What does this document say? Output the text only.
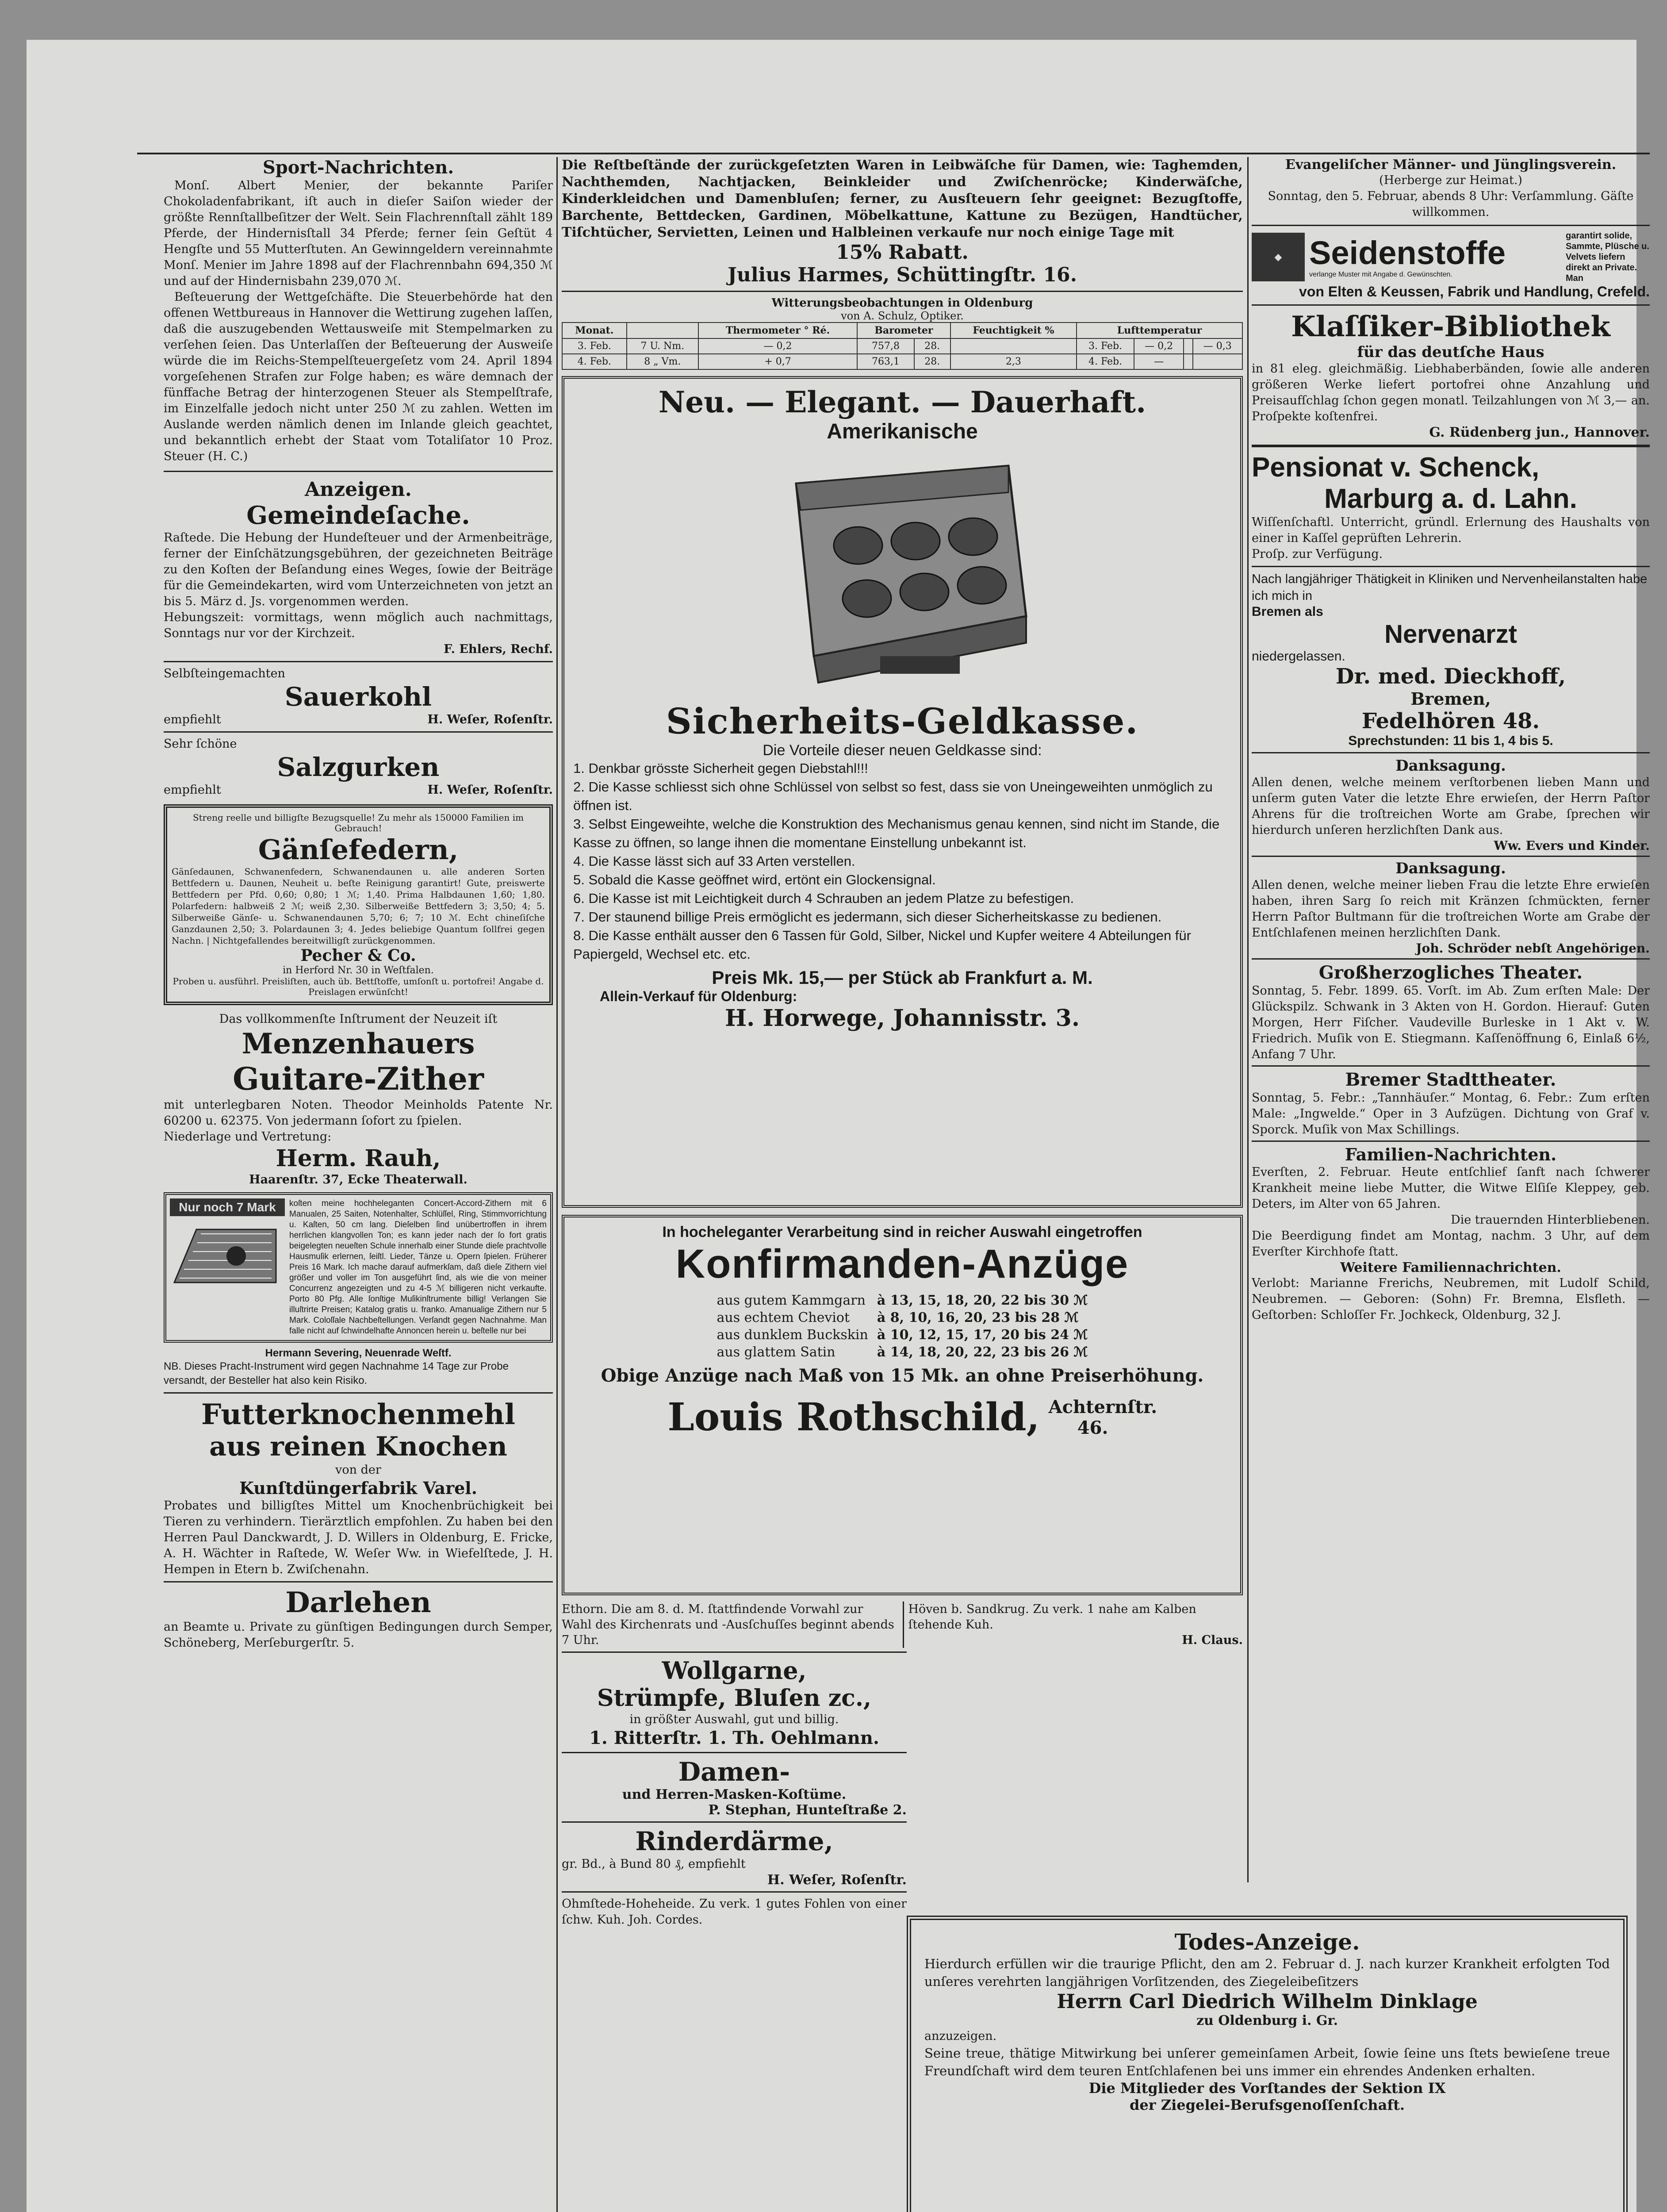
Sport-Nachrichten.
Monſ. Albert Menier, der bekannte Pariſer Chokoladenfabrikant, iſt auch in dieſer Saiſon wieder der größte Rennſtallbeſitzer der Welt. Sein Flachrennſtall zählt 189 Pferde, der Hindernisſtall 34 Pferde; ferner ſein Geſtüt 4 Hengſte und 55 Mutterſtuten. An Gewinngeldern vereinnahmte Monſ. Menier im Jahre 1898 auf der Flachrennbahn 694,350 ℳ und auf der Hindernisbahn 239,070 ℳ.
Beſteuerung der Wettgeſchäfte. Die Steuerbehörde hat den offenen Wettbureaus in Hannover die Wettirung zugehen laſſen, daß die auszugebenden Wettausweiſe mit Stempelmarken zu verſehen ſeien. Das Unterlaſſen der Beſteuerung der Ausweiſe würde die im Reichs-Stempelſteuergeſetz vom 24. April 1894 vorgeſehenen Strafen zur Folge haben; es wäre demnach der fünffache Betrag der hinterzogenen Steuer als Stempelſtrafe, im Einzelfalle jedoch nicht unter 250 ℳ zu zahlen. Wetten im Auslande werden nämlich denen im Inlande gleich geachtet, und bekanntlich erhebt der Staat vom Totaliſator 10 Proz. Steuer (H. C.)
Anzeigen.
Gemeindeſache.
Raſtede. Die Hebung der Hundeſteuer und der Armenbeiträge, ferner der Einſchätzungsgebühren, der gezeichneten Beiträge zu den Koſten der Beſandung eines Weges, ſowie der Beiträge für die Gemeindekarten, wird vom Unterzeichneten von jetzt an bis 5. März d. Js. vorgenommen werden.
Hebungszeit: vormittags, wenn möglich auch nachmittags, Sonntags nur vor der Kirchzeit.
F. Ehlers, Rechf.
Selbſteingemachten
Sauerkohl
empfiehlt	H. Weſer, Roſenſtr.
Sehr ſchöne
Salzgurken
empfiehlt	H. Weſer, Roſenſtr.
Streng reelle und billigſte Bezugsquelle! Zu mehr als 150000 Familien im Gebrauch!
Gänſefedern,
Gänſedaunen, Schwanenfedern, Schwanendaunen u. alle anderen Sorten Bettfedern u. Daunen, Neuheit u. beſte Reinigung garantirt! Gute, preiswerte Bettfedern per Pfd. 0,60; 0,80; 1 ℳ; 1,40. Prima Halbdaunen 1,60; 1,80. Polarfedern: halbweiß 2 ℳ; weiß 2,30. Silberweiße Bettfedern 3; 3,50; 4; 5. Silberweiße Gänſe- u. Schwanendaunen 5,70; 6; 7; 10 ℳ. Echt chineſiſche Ganzdaunen 2,50; 3. Polardaunen 3; 4. Jedes beliebige Quantum ſollfrei gegen Nachn. | Nichtgefallendes bereitwilligſt zurückgenommen.
Pecher & Co.
in Herford Nr. 30 in Weſtfalen.
Proben u. ausführl. Preisliſten, auch üb. Bettſtoffe, umſonſt u. portofrei! Angabe d. Preislagen erwünſcht!
Das vollkommenſte Inſtrument der Neuzeit iſt
Menzenhauers
Guitare-Zither
mit unterlegbaren Noten. Theodor Meinholds Patente Nr. 60200 u. 62375. Von jedermann ſofort zu ſpielen.
Niederlage und Vertretung:
Herm. Rauh,
Haarenſtr. 37, Ecke Theaterwall.
Nur noch 7 Mark	koſten meine hochheleganten Concert-Accord-Zithern mit 6 Manualen, 25 Saiten, Notenhalter, Schlüſſel, Ring, Stimmvorrichtung u. Kaſten, 50 cm lang. Dieſelben ſind unübertroffen in ihrem herrlichen klangvollen Ton; es kann jeder nach der ſo fort gratis beigelegten neueſten Schule innerhalb einer Stunde dieſe prachtvolle Hausmuſik erlernen, ſeiſtl. Lieder, Tänze u. Opern ſpielen. Früherer Preis 16 Mark. Ich mache darauf aufmerkſam, daß dieſe Zithern viel größer und voller im Ton ausgeführt ſind, als wie die von meiner Concurrenz angezeigten und zu 4-5 ℳ billigeren nicht verkaufte. Porto 80 Pfg. Alle ſonſtige Muſikinſtrumente billig! Verlangen Sie illuſtrirte Preisen; Katalog gratis u. franko. Amanualige Zithern nur 5 Mark. Coloſſale Nachbeſtellungen. Verſandt gegen Nachnahme. Man falle nicht auf ſchwindelhafte Annoncen herein u. beſtelle nur bei
Hermann Severing, Neuenrade Weſtf.
NB. Dieses Pracht-Instrument wird gegen Nachnahme 14 Tage zur Probe versandt, der Besteller hat also kein Risiko.
Futterknochenmehl
aus reinen Knochen
von der
Kunſtdüngerfabrik Varel.
Probates und billigſtes Mittel um Knochenbrüchigkeit bei Tieren zu verhindern. Tierärztlich empfohlen. Zu haben bei den Herren Paul Danckwardt, J. D. Willers in Oldenburg, E. Fricke, A. H. Wächter in Raſtede, W. Weſer Ww. in Wiefelſtede, J. H. Hempen in Etern b. Zwiſchenahn.
Darlehen
an Beamte u. Private zu günſtigen Bedingungen durch Semper, Schöneberg, Merſeburgerſtr. 5.
Die Reſtbeſtände der zurückgeſetzten Waren in Leibwäſche für Damen, wie: Taghemden, Nachthemden, Nachtjacken, Beinkleider und Zwiſchenröcke; Kinderwäſche, Kinderkleidchen und Damenbluſen; ferner, zu Ausſteuern ſehr geeignet: Bezugſtoffe, Barchente, Bettdecken, Gardinen, Möbelkattune, Kattune zu Bezügen, Handtücher, Tiſchtücher, Servietten, Leinen und Halbleinen verkaufe nur noch einige Tage mit
15% Rabatt.
Julius Harmes, Schüttingſtr. 16.
Witterungsbeobachtungen in Oldenburg
von A. Schulz, Optiker.
Monat.		Thermometer ° Ré.	Barometer		Feuchtigkeit %	Lufttemperatur			
3. Feb.	7 U. Nm.	— 0,2	757,8	28.		3. Feb.	— 0,2		— 0,3
4. Feb.	8 „ Vm.	+ 0,7	763,1	28.	2,3	4. Feb.	—		
Neu. — Elegant. — Dauerhaft.
Amerikanische
Sicherheits-Geldkasse.
Die Vorteile dieser neuen Geldkasse sind:
1. Denkbar grösste Sicherheit gegen Diebstahl!!!
2. Die Kasse schliesst sich ohne Schlüssel von selbst so fest, dass sie von Uneingeweihten unmöglich zu öffnen ist.
3. Selbst Eingeweihte, welche die Konstruktion des Mechanismus genau kennen, sind nicht im Stande, die Kasse zu öffnen, so lange ihnen die momentane Einstellung unbekannt ist.
4. Die Kasse lässt sich auf 33 Arten verstellen.
5. Sobald die Kasse geöffnet wird, ertönt ein Glockensignal.
6. Die Kasse ist mit Leichtigkeit durch 4 Schrauben an jedem Platze zu befestigen.
7. Der staunend billige Preis ermöglicht es jedermann, sich dieser Sicherheitskasse zu bedienen.
8. Die Kasse enthält ausser den 6 Tassen für Gold, Silber, Nickel und Kupfer weitere 4 Abteilungen für Papiergeld, Wechsel etc. etc.
Preis Mk. 15,— per Stück ab Frankfurt a. M.
Allein-Verkauf für Oldenburg:
H. Horwege, Johannisstr. 3.
In hocheleganter Verarbeitung sind in reicher Auswahl eingetroffen
Konfirmanden-Anzüge
aus gutem Kammgarn	à 13, 15, 18, 20, 22 bis 30 ℳ
aus echtem Cheviot	à 8, 10, 16, 20, 23 bis 28 ℳ
aus dunklem Buckskin	à 10, 12, 15, 17, 20 bis 24 ℳ
aus glattem Satin	à 14, 18, 20, 22, 23 bis 26 ℳ
Obige Anzüge nach Maß von 15 Mk. an ohne Preiserhöhung.
Louis Rothschild, Achternſtr. 46.
Ethorn. Die am 8. d. M. ſtattfindende Vorwahl zur Wahl des Kirchenrats und -Ausſchuſſes beginnt abends 7 Uhr.
Höven b. Sandkrug. Zu verk. 1 nahe am Kalben ſtehende Kuh.
H. Claus.
Wollgarne,
Strümpfe, Bluſen zc.,
in größter Auswahl, gut und billig.
1. Ritterſtr. 1. Th. Oehlmann.
Damen-
und Herren-Masken-Koſtüme.
P. Stephan, Hunteſtraße 2.
Rinderdärme,
gr. Bd., à Bund 80 ₰, empfiehlt
H. Weſer, Roſenſtr.
Ohmſtede-Hoheheide. Zu verk. 1 gutes Fohlen von einer ſchw. Kuh. Joh. Cordes.
Todes-Anzeige.
Hierdurch erfüllen wir die traurige Pflicht, den am 2. Februar d. J. nach kurzer Krankheit erfolgten Tod unſeres verehrten langjährigen Vorſitzenden, des Ziegeleibeſitzers
Herrn Carl Diedrich Wilhelm Dinklage
zu Oldenburg i. Gr.
anzuzeigen.
Seine treue, thätige Mitwirkung bei unſerer gemeinſamen Arbeit, ſowie ſeine uns ſtets bewieſene treue Freundſchaft wird dem teuren Entſchlafenen bei uns immer ein ehrendes Andenken erhalten.
Die Mitglieder des Vorſtandes der Sektion IX
der Ziegelei-Berufsgenoſſenſchaft.
Evangeliſcher Männer- und Jünglingsverein.
(Herberge zur Heimat.)
Sonntag, den 5. Februar, abends 8 Uhr: Verſammlung. Gäſte willkommen.
◆ Seidenstoffe
verlange Muster mit Angabe d. Gewünschten.
garantirt solide, Sammte, Plüsche u. Velvets liefern direkt an Private. Man
von Elten & Keussen, Fabrik und Handlung, Crefeld.
Klaſſiker-Bibliothek
für das deutſche Haus
in 81 eleg. gleichmäßig. Liebhaberbänden, ſowie alle anderen größeren Werke liefert portofrei ohne Anzahlung und Preisaufſchlag ſchon gegen monatl. Teilzahlungen von ℳ 3,— an. Proſpekte koſtenfrei.
G. Rüdenberg jun., Hannover.
Pensionat v. Schenck,
Marburg a. d. Lahn.
Wiſſenſchaftl. Unterricht, gründl. Erlernung des Haushalts von einer in Kaſſel geprüften Lehrerin.
Proſp. zur Verfügung.
Nach langjähriger Thätigkeit in Kliniken und Nervenheilanstalten habe ich mich in
Bremen als
Nervenarzt
niedergelassen.
Dr. med. Dieckhoff,
Bremen,
Fedelhören 48.
Sprechstunden: 11 bis 1, 4 bis 5.
Danksagung.
Allen denen, welche meinem verſtorbenen lieben Mann und unſerm guten Vater die letzte Ehre erwieſen, der Herrn Paſtor Ahrens für die troſtreichen Worte am Grabe, ſprechen wir hierdurch unſeren herzlichſten Dank aus.
Ww. Evers und Kinder.
Danksagung.
Allen denen, welche meiner lieben Frau die letzte Ehre erwieſen haben, ihren Sarg ſo reich mit Kränzen ſchmückten, ferner Herrn Paſtor Bultmann für die troſtreichen Worte am Grabe der Entſchlafenen meinen herzlichſten Dank.
Joh. Schröder nebſt Angehörigen.
Großherzogliches Theater.
Sonntag, 5. Febr. 1899. 65. Vorſt. im Ab. Zum erſten Male: Der Glückspilz. Schwank in 3 Akten von H. Gordon. Hierauf: Guten Morgen, Herr Fiſcher. Vaudeville Burleske in 1 Akt v. W. Friedrich. Muſik von E. Stiegmann. Kaſſenöffnung 6, Einlaß 6½, Anfang 7 Uhr.
Bremer Stadttheater.
Sonntag, 5. Febr.: „Tannhäuſer.“ Montag, 6. Febr.: Zum erſten Male: „Ingwelde.“ Oper in 3 Aufzügen. Dichtung von Graf v. Sporck. Muſik von Max Schillings.
Familien-Nachrichten.
Everſten, 2. Februar. Heute entſchlief ſanft nach ſchwerer Krankheit meine liebe Mutter, die Witwe Elſiſe Kleppey, geb. Deters, im Alter von 65 Jahren.
Die trauernden Hinterbliebenen.
Die Beerdigung findet am Montag, nachm. 3 Uhr, auf dem Everſter Kirchhofe ſtatt.
Weitere Familiennachrichten.
Verlobt: Marianne Frerichs, Neubremen, mit Ludolf Schild, Neubremen. — Geboren: (Sohn) Fr. Bremna, Elsfleth. — Geſtorben: Schloſſer Fr. Jochkeck, Oldenburg, 32 J.
